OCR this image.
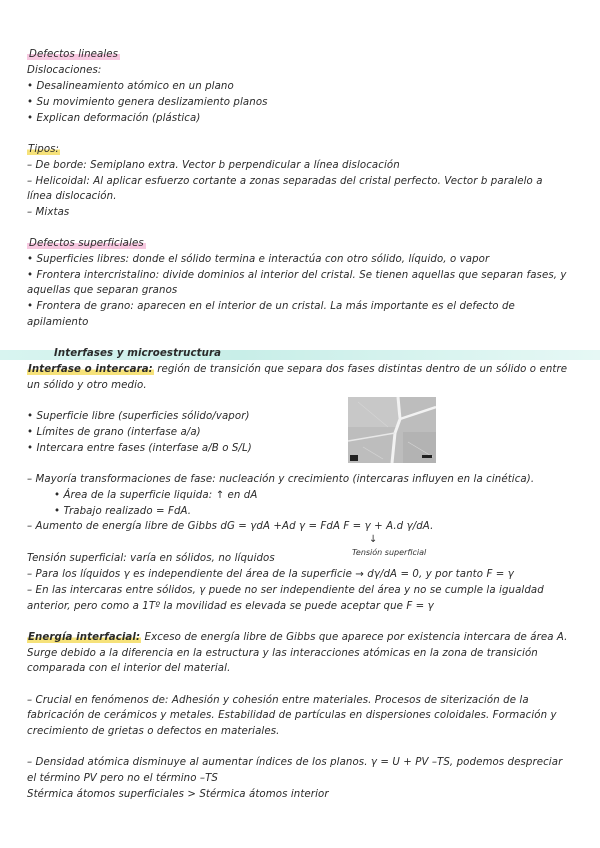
Defectos lineales
Dislocaciones:
• Desalineamiento atómico en un plano
• Su movimiento genera deslizamiento planos
• Explican deformación (plástica)
Tipos:
– De borde: Semiplano extra. Vector b perpendicular a línea dislocación
– Helicoidal: Al aplicar esfuerzo cortante a zonas separadas del cristal perfecto. Vector b paralelo a
línea dislocación.
– Mixtas
Defectos superficiales
• Superficies libres: donde el sólido termina e interactúa con otro sólido, líquido, o vapor
• Frontera intercristalino: divide dominios al interior del cristal. Se tienen aquellas que separan fases, y
aquellas que separan granos
• Frontera de grano: aparecen en el interior de un cristal. La más importante es el defecto de
apilamiento
Interfases y microestructura
Interfase o intercara: región de transición que separa dos fases distintas dentro de un sólido o entre
un sólido y otro medio.
• Superficie libre (superficies sólido/vapor)
• Límites de grano (interfase a/a)
• Intercara entre fases (interfase a/B o S/L)
– Mayoría transformaciones de fase: nucleación y crecimiento (intercaras influyen en la cinética).
• Área de la superficie liquida: ↑ en dA
• Trabajo realizado = FdA.
– Aumento de energía libre de Gibbs dG = γdA +Ad γ = FdA F = γ + A.d γ/dA.
↓
Tensión superficial
Tensión superficial: varía en sólidos, no líquidos
– Para los líquidos γ es independiente del área de la superficie → dγ/dA = 0, y por tanto F = γ
– En las intercaras entre sólidos, γ puede no ser independiente del área y no se cumple la igualdad
anterior, pero como a 1Tº la movilidad es elevada se puede aceptar que F = γ
Energía interfacial: Exceso de energía libre de Gibbs que aparece por existencia intercara de área A.
Surge debido a la diferencia en la estructura y las interacciones atómicas en la zona de transición
comparada con el interior del material.
– Crucial en fenómenos de: Adhesión y cohesión entre materiales. Procesos de siterización de la
fabricación de cerámicos y metales. Estabilidad de partículas en dispersiones coloidales. Formación y
crecimiento de grietas o defectos en materiales.
– Densidad atómica disminuye al aumentar índices de los planos. γ = U + PV –TS, podemos despreciar
el término PV pero no el término –TS
Stérmica átomos superficiales > Stérmica átomos interior
